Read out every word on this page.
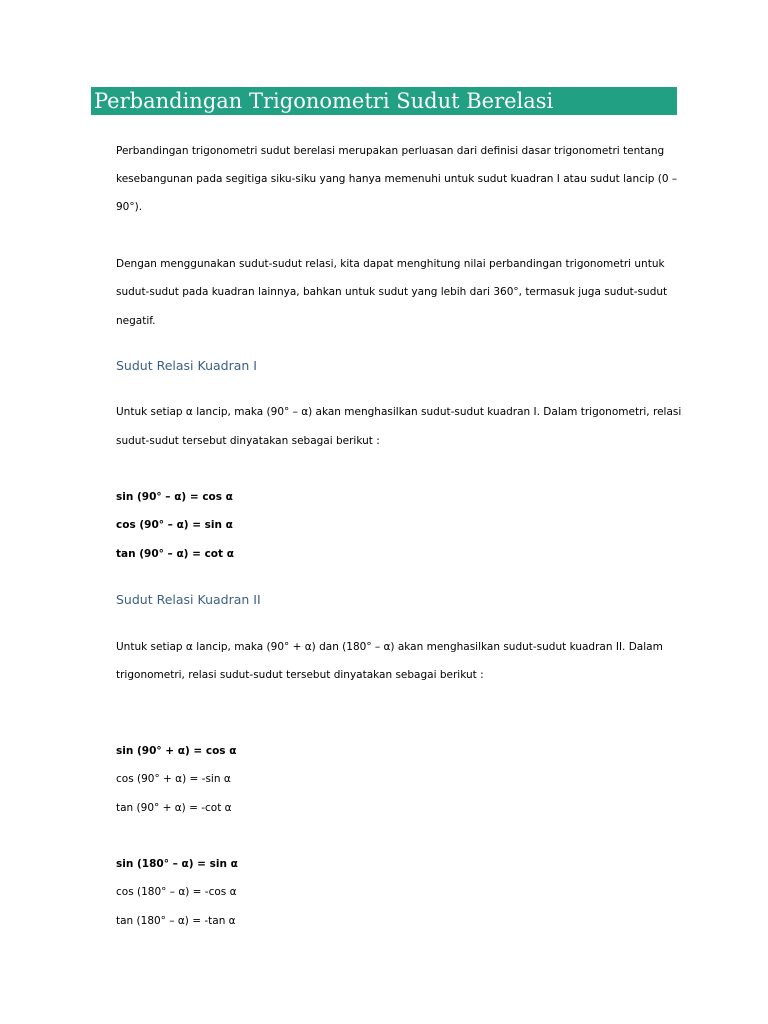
Perbandingan Trigonometri Sudut Berelasi
Perbandingan trigonometri sudut berelasi merupakan perluasan dari definisi dasar trigonometri tentang
kesebangunan pada segitiga siku-siku yang hanya memenuhi untuk sudut kuadran I atau sudut lancip (0 –
90°).
Dengan menggunakan sudut-sudut relasi, kita dapat menghitung nilai perbandingan trigonometri untuk
sudut-sudut pada kuadran lainnya, bahkan untuk sudut yang lebih dari 360°, termasuk juga sudut-sudut
negatif.
Sudut Relasi Kuadran I
Untuk setiap α lancip, maka (90° – α) akan menghasilkan sudut-sudut kuadran I. Dalam trigonometri, relasi
sudut-sudut tersebut dinyatakan sebagai berikut :
sin (90° – α) = cos α
cos (90° – α) = sin α
tan (90° – α) = cot α
Sudut Relasi Kuadran II
Untuk setiap α lancip, maka (90° + α) dan (180° – α) akan menghasilkan sudut-sudut kuadran II. Dalam
trigonometri, relasi sudut-sudut tersebut dinyatakan sebagai berikut :
sin (90° + α) = cos α
cos (90° + α) = -sin α
tan (90° + α) = -cot α
sin (180° – α) = sin α
cos (180° – α) = -cos α
tan (180° – α) = -tan α
